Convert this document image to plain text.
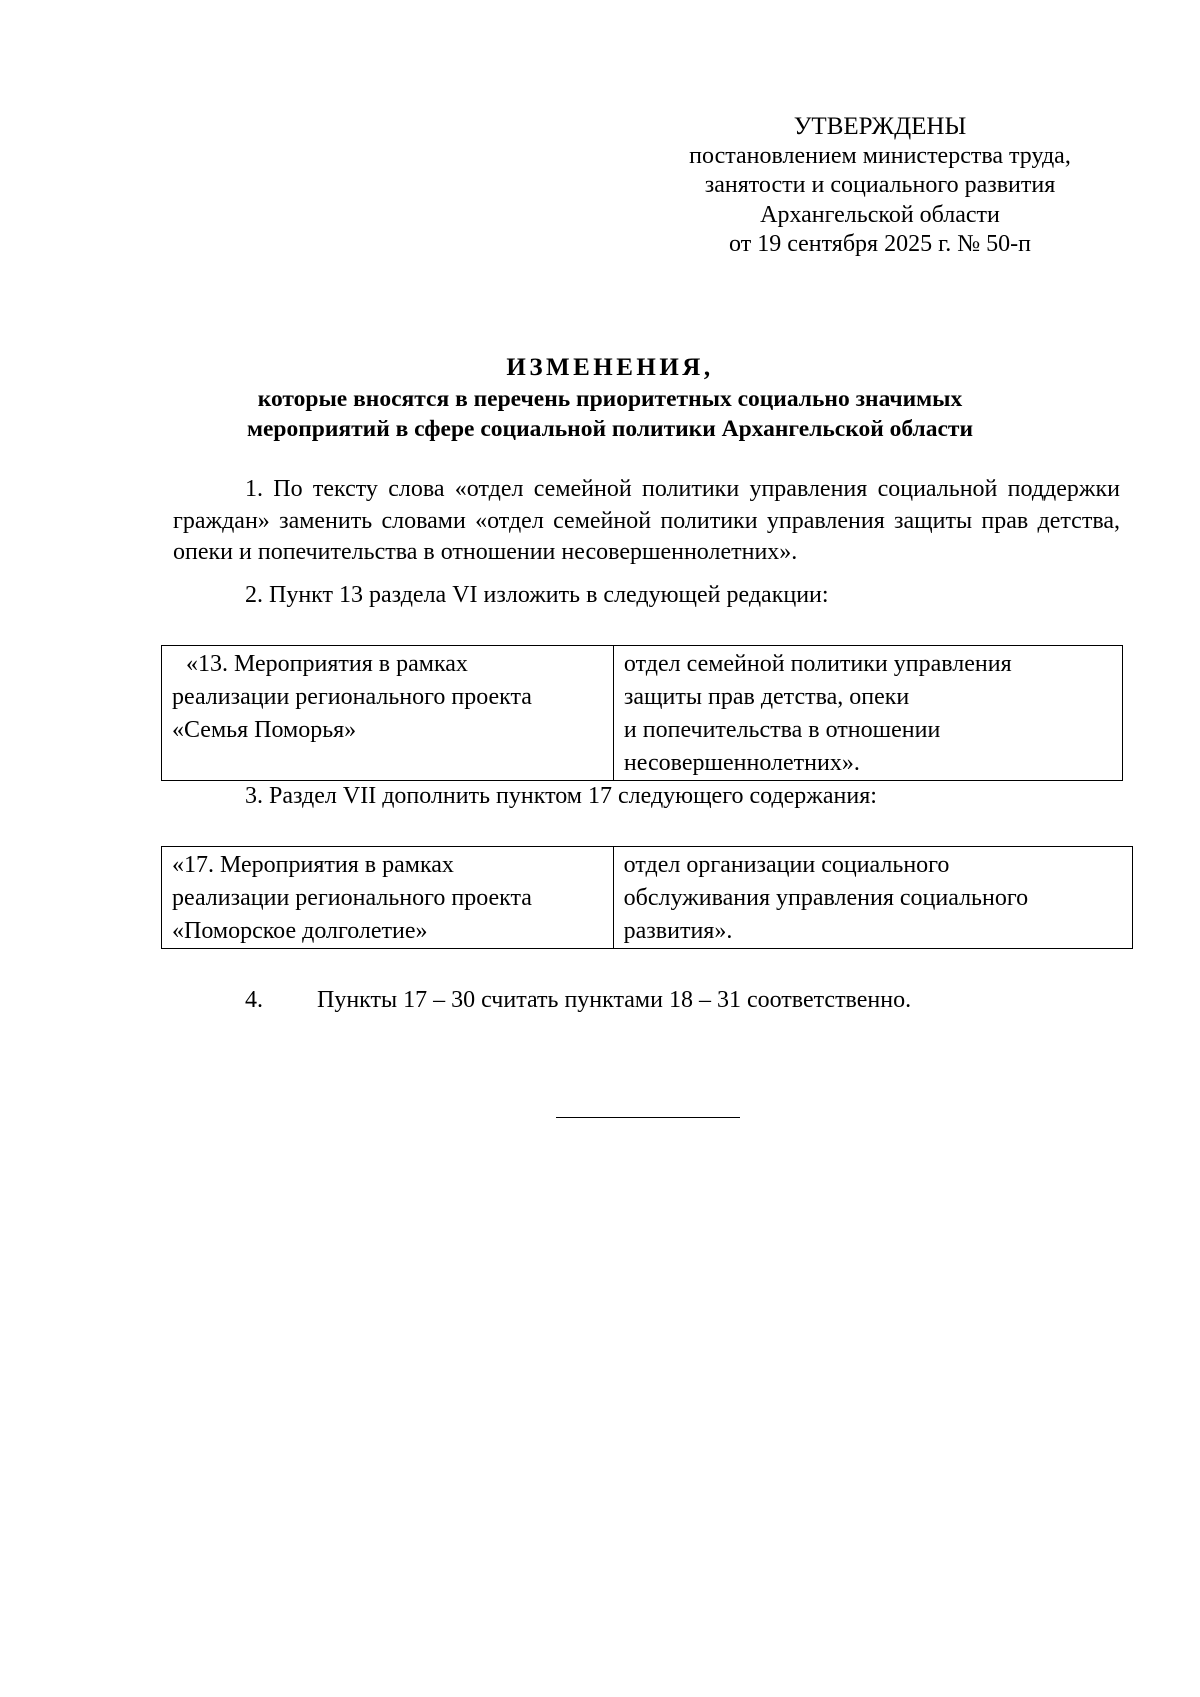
УТВЕРЖДЕНЫ
постановлением министерства труда,
занятости и социального развития
Архангельской области
от 19 сентября 2025 г. № 50-п
ИЗМЕНЕНИЯ,
которые вносятся в перечень приоритетных социально значимых
мероприятий в сфере социальной политики Архангельской области
1. По тексту слова «отдел семейной политики управления социальной поддержки граждан» заменить словами «отдел семейной политики управления защиты прав детства, опеки и попечительства в отношении несовершеннолетних».
2. Пункт 13 раздела VI изложить в следующей редакции:
«13. Мероприятия в рамках
реализации регионального проекта
«Семья Поморья»

отдел семейной политики управления
защиты прав детства, опеки
и попечительства в отношении
несовершеннолетних».
3. Раздел VII дополнить пунктом 17 следующего содержания:
«17. Мероприятия в рамках
реализации регионального проекта
«Поморское долголетие»

отдел организации социального
обслуживания управления социального
развития».
4. Пункты 17 – 30 считать пунктами 18 – 31 соответственно.
